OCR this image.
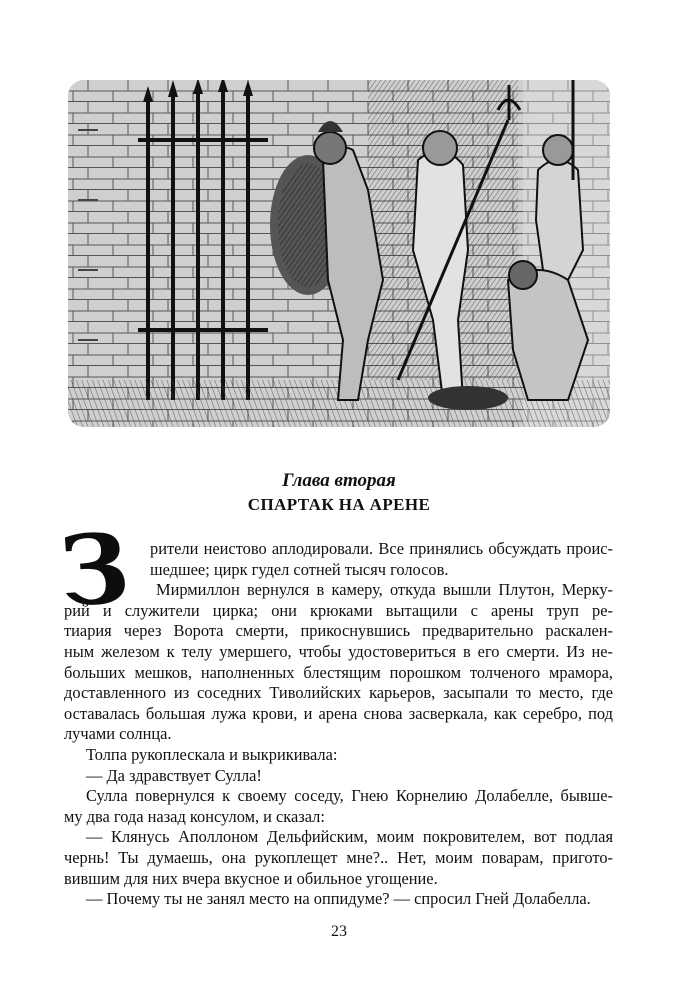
Глава вторая
СПАРТАК НА АРЕНЕ
З	рители неистово аплодировали. Все принялись обсуждать проис-
шедшее; цирк гудел сотней тысяч голосов.
Мирмиллон вернулся в камеру, откуда вышли Плутон, Мерку-
рий и служители цирка; они крюками вытащили с арены труп ре-
тиария через Ворота смерти, прикоснувшись предварительно раскален-
ным железом к телу умершего, чтобы удостовериться в его смерти. Из не-
больших мешков, наполненных блестящим порошком толченого мрамора,
доставленного из соседних Тиволийских карьеров, засыпали то место, где
оставалась большая лужа крови, и арена снова засверкала, как серебро, под
лучами солнца.
Толпа рукоплескала и выкрикивала:
— Да здравствует Сулла!
Сулла повернулся к своему соседу, Гнею Корнелию Долабелле, бывше-
му два года назад консулом, и сказал:
— Клянусь Аполлоном Дельфийским, моим покровителем, вот подлая
чернь! Ты думаешь, она рукоплещет мне?.. Нет, моим поварам, пригото-
вившим для них вчера вкусное и обильное угощение.
— Почему ты не занял место на оппидуме? — спросил Гней Долабелла.
23
